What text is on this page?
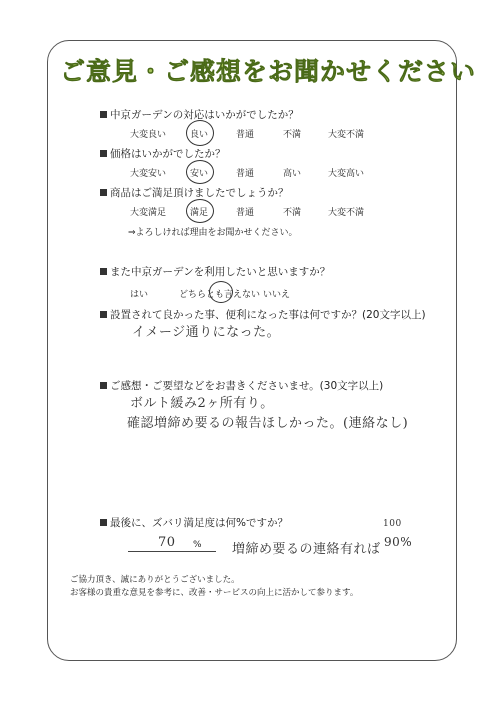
ご意見・ご感想をお聞かせください
中京ガーデンの対応はいかがでしたか？
大変良い	良い	普通	不満	大変不満
価格はいかがでしたか？
大変安い	安い	普通	高い	大変高い
商品はご満足頂けましたでしょうか？
大変満足	満足	普通	不満	大変不満
⇒よろしければ理由をお聞かせください。
また中京ガーデンを利用したいと思いますか？
はい	どちらとも言えない いいえ
設置されて良かった事、便利になった事は何ですか？(20文字以上)
イメージ通りになった。
ご感想・ご要望などをお書きくださいませ。(30文字以上)
ボルト緩み2ヶ所有り。
確認増締め要るの報告ほしかった。(連絡なし)
最後に、ズバリ満足度は何%ですか？
70 % 増締め要るの連絡有れば 90%
100
ご協力頂き、誠にありがとうございました。
お客様の貴重な意見を参考に、改善・サービスの向上に活かして参ります。
